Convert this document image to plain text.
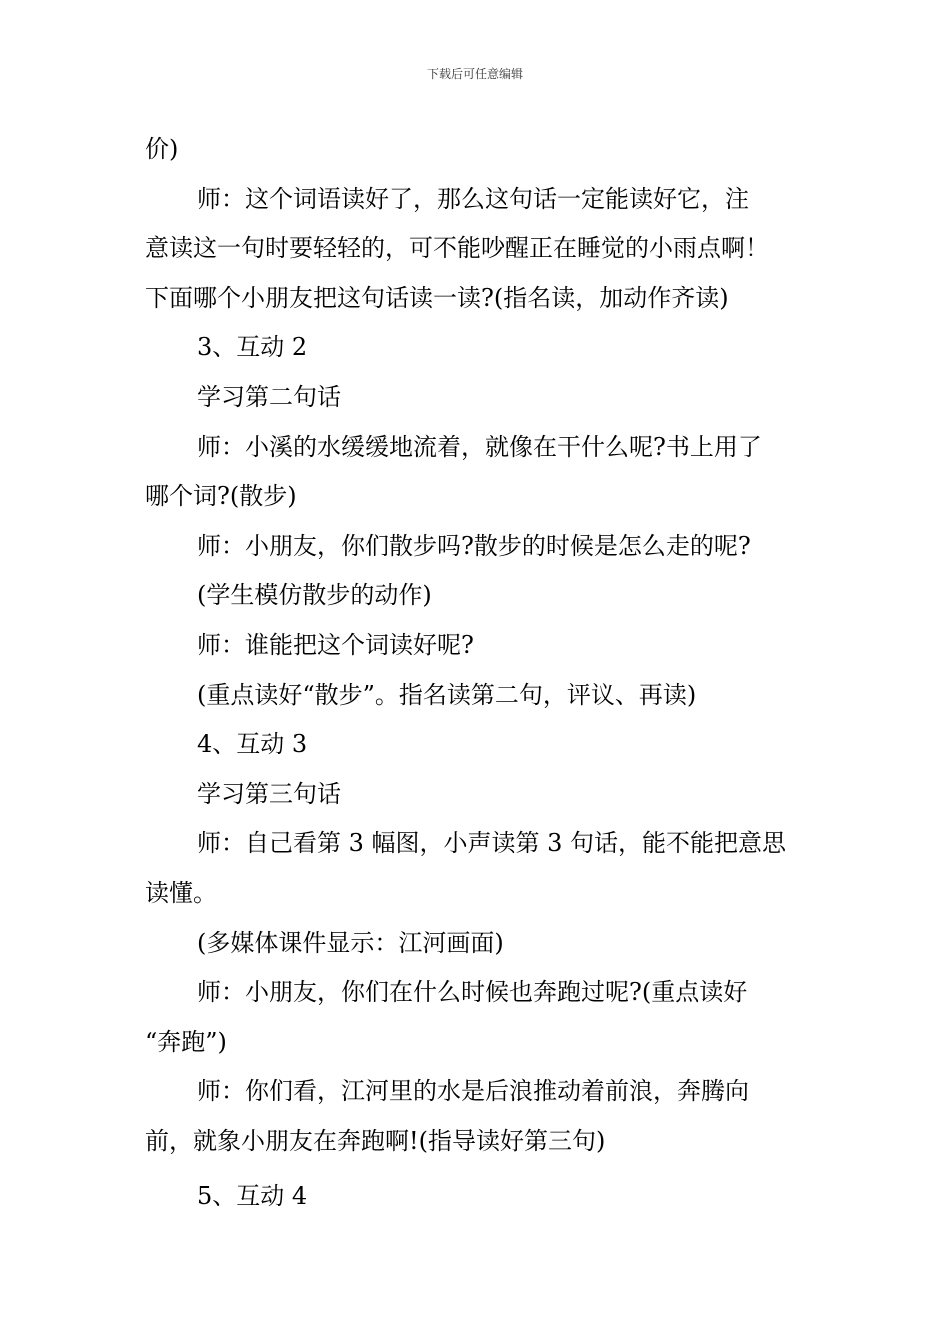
下载后可任意编辑
价)
师：这个词语读好了，那么这句话一定能读好它，注
意读这一句时要轻轻的，可不能吵醒正在睡觉的小雨点啊！
下面哪个小朋友把这句话读一读?(指名读，加动作齐读)
3、互动 2
学习第二句话
师：小溪的水缓缓地流着，就像在干什么呢?书上用了
哪个词?(散步)
师：小朋友，你们散步吗?散步的时候是怎么走的呢?
(学生模仿散步的动作)
师：谁能把这个词读好呢?
(重点读好“散步”。指名读第二句，评议、再读)
4、互动 3
学习第三句话
师：自己看第 3 幅图，小声读第 3 句话，能不能把意思
读懂。
(多媒体课件显示：江河画面)
师：小朋友，你们在什么时候也奔跑过呢?(重点读好
“奔跑”)
师：你们看，江河里的水是后浪推动着前浪，奔腾向
前，就象小朋友在奔跑啊!(指导读好第三句)
5、互动 4
